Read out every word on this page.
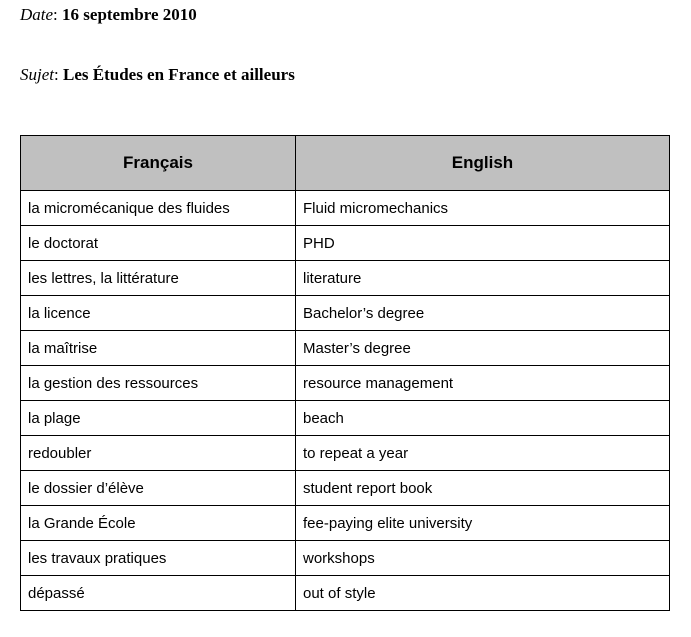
Date: 16 septembre 2010
Sujet: Les Études en France et ailleurs
Français	English
la micromécanique des fluides	Fluid micromechanics
le doctorat	PHD
les lettres, la littérature	literature
la licence	Bachelor’s degree
la maîtrise	Master’s degree
la gestion des ressources	resource management
la plage	beach
redoubler	to repeat a year
le dossier d’élève	student report book
la Grande École	fee-paying elite university
les travaux pratiques	workshops
dépassé	out of style
